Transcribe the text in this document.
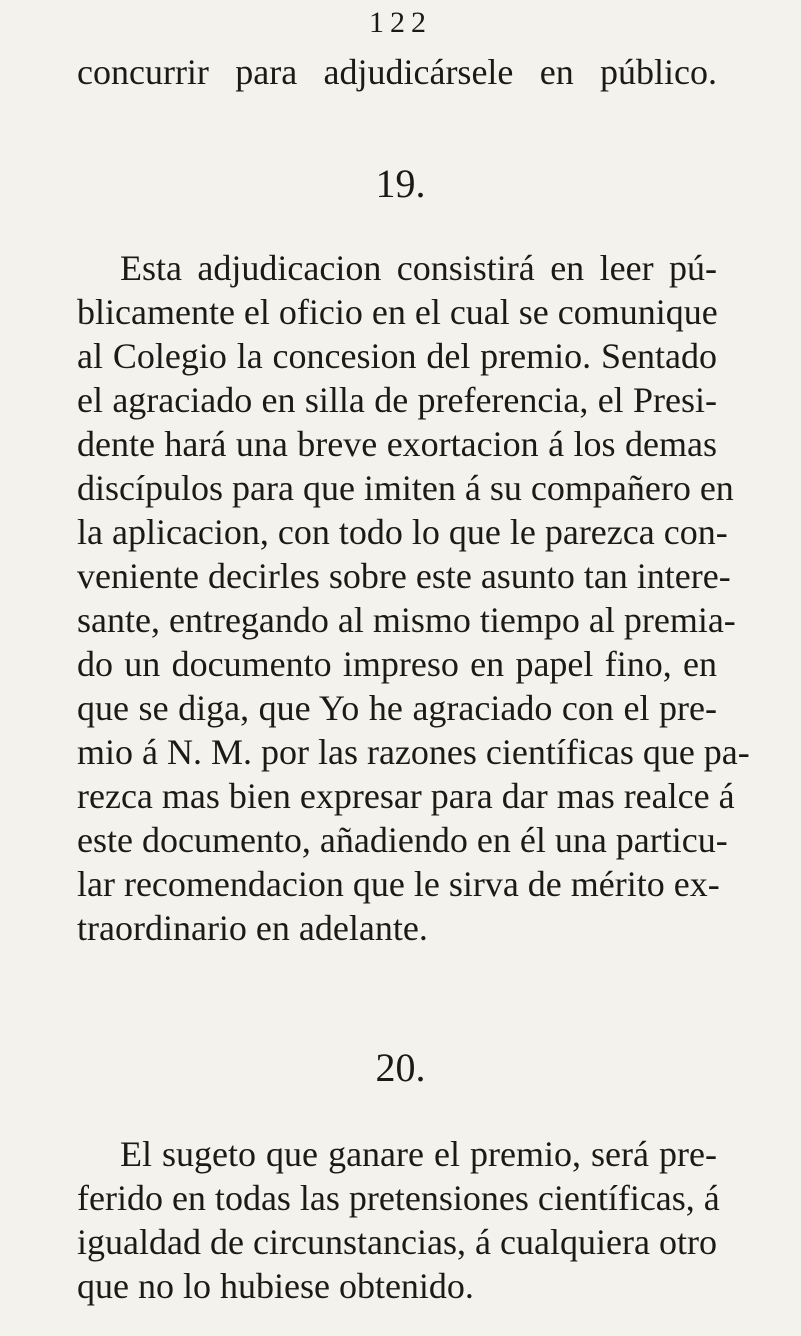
122
concurrir para adjudicársele en público.
19.
Esta adjudicacion consistirá en leer pú-
blicamente el oficio en el cual se comunique
al Colegio la concesion del premio. Sentado
el agraciado en silla de preferencia, el Presi-
dente hará una breve exortacion á los demas
discípulos para que imiten á su compañero en
la aplicacion, con todo lo que le parezca con-
veniente decirles sobre este asunto tan intere-
sante, entregando al mismo tiempo al premia-
do un documento impreso en papel fino, en
que se diga, que Yo he agraciado con el pre-
mio á N. M. por las razones científicas que pa-
rezca mas bien expresar para dar mas realce á
este documento, añadiendo en él una particu-
lar recomendacion que le sirva de mérito ex-
traordinario en adelante.
20.
El sugeto que ganare el premio, será pre-
ferido en todas las pretensiones científicas, á
igualdad de circunstancias, á cualquiera otro
que no lo hubiese obtenido.
